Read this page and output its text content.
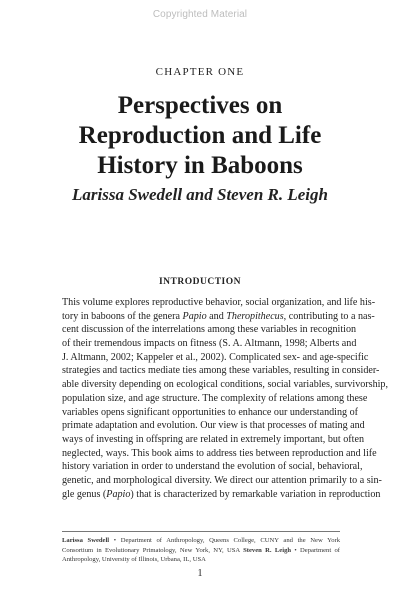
Copyrighted Material
CHAPTER ONE
Perspectives on
Reproduction and Life
History in Baboons
Larissa Swedell and Steven R. Leigh
INTRODUCTION
This volume explores reproductive behavior, social organization, and life his-
tory in baboons of the genera Papio and Theropithecus, contributing to a nas-
cent discussion of the interrelations among these variables in recognition
of their tremendous impacts on fitness (S. A. Altmann, 1998; Alberts and
J. Altmann, 2002; Kappeler et al., 2002). Complicated sex- and age-specific
strategies and tactics mediate ties among these variables, resulting in consider-
able diversity depending on ecological conditions, social variables, survivorship,
population size, and age structure. The complexity of relations among these
variables opens significant opportunities to enhance our understanding of
primate adaptation and evolution. Our view is that processes of mating and
ways of investing in offspring are related in extremely important, but often
neglected, ways. This book aims to address ties between reproduction and life
history variation in order to understand the evolution of social, behavioral,
genetic, and morphological diversity. We direct our attention primarily to a sin-
gle genus (Papio) that is characterized by remarkable variation in reproduction
Larissa Swedell • Department of Anthropology, Queens College, CUNY and the New York
Consortium in Evolutionary Primatology, New York, NY, USA Steven R. Leigh • Department of
Anthropology, University of Illinois, Urbana, IL, USA
1
